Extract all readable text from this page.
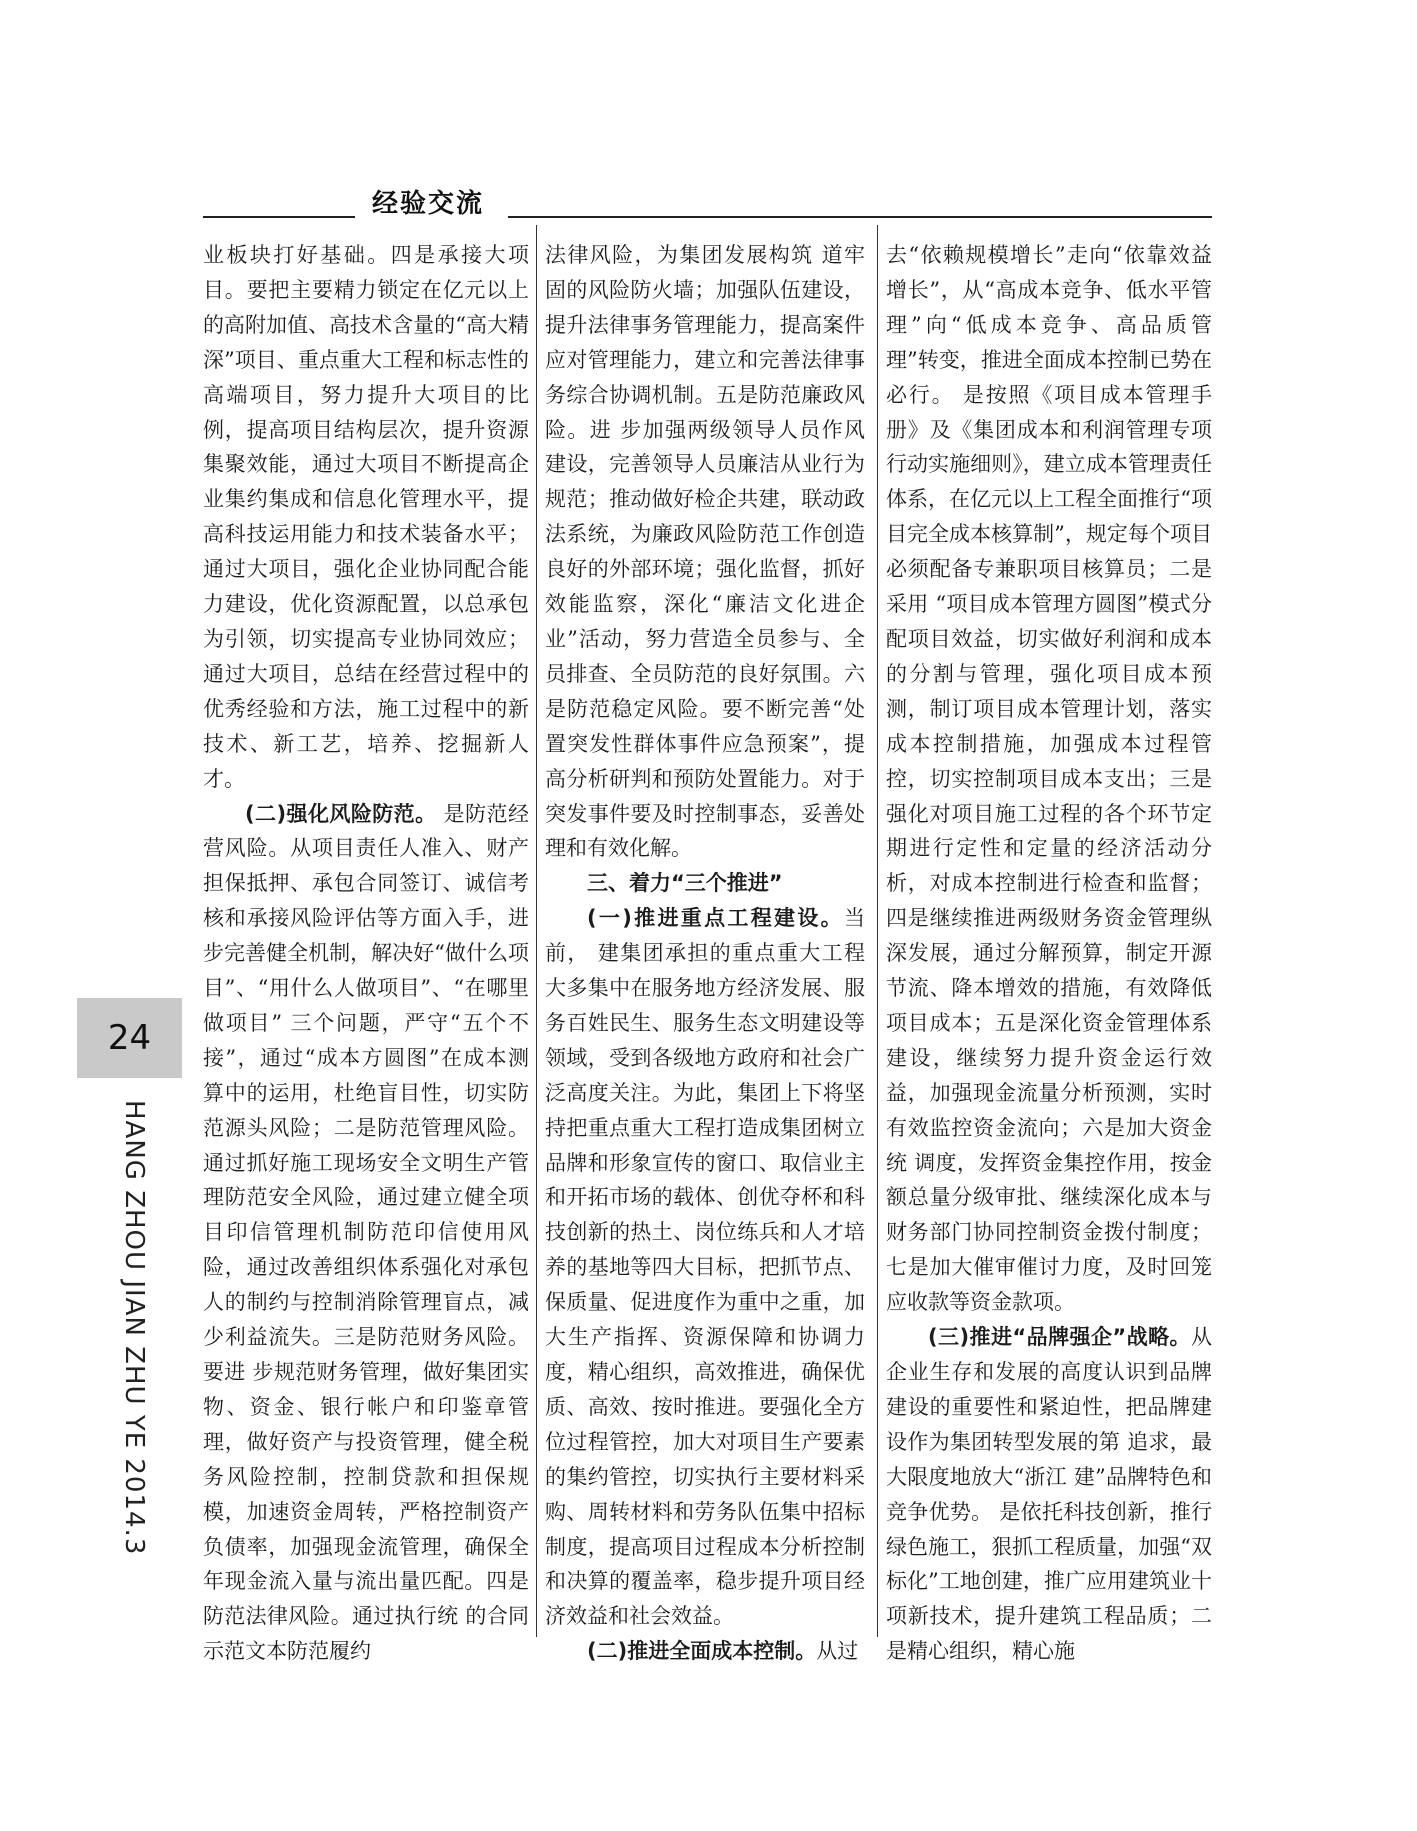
经验交流

业板块打好基础。四是承接大项目。要把主要精力锁定在亿元以上的高附加值、高技术含量的“高大精深”项目、重点重大工程和标志性的高端项目，努力提升大项目的比例，提高项目结构层次，提升资源集聚效能，通过大项目不断提高企业集约集成和信息化管理水平，提高科技运用能力和技术装备水平；通过大项目，强化企业协同配合能力建设，优化资源配置，以总承包为引领，切实提高专业协同效应；通过大项目，总结在经营过程中的优秀经验和方法，施工过程中的新技术、新工艺，培养、挖掘新人才。

(二)强化风险防范。 是防范经营风险。从项目责任人准入、财产担保抵押、承包合同签订、诚信考核和承接风险评估等方面入手，进 步完善健全机制，解决好“做什么项目”、“用什么人做项目”、“在哪里做项目” 三个问题，严守“五个不接”，通过“成本方圆图”在成本测算中的运用，杜绝盲目性，切实防范源头风险；二是防范管理风险。通过抓好施工现场安全文明生产管理防范安全风险，通过建立健全项目印信管理机制防范印信使用风险，通过改善组织体系强化对承包人的制约与控制消除管理盲点，减少利益流失。三是防范财务风险。要进 步规范财务管理，做好集团实物、资金、银行帐户和印鉴章管理，做好资产与投资管理，健全税务风险控制，控制贷款和担保规模，加速资金周转，严格控制资产负债率，加强现金流管理，确保全年现金流入量与流出量匹配。四是防范法律风险。通过执行统 的合同示范文本防范履约

法律风险，为集团发展构筑 道牢固的风险防火墙；加强队伍建设，提升法律事务管理能力，提高案件应对管理能力，建立和完善法律事务综合协调机制。五是防范廉政风险。进 步加强两级领导人员作风建设，完善领导人员廉洁从业行为规范；推动做好检企共建，联动政法系统，为廉政风险防范工作创造良好的外部环境；强化监督，抓好效能监察，深化“廉洁文化进企业”活动，努力营造全员参与、全员排查、全员防范的良好氛围。六是防范稳定风险。要不断完善“处置突发性群体事件应急预案”，提高分析研判和预防处置能力。对于突发事件要及时控制事态，妥善处理和有效化解。

三、着力“三个推进”

(一)推进重点工程建设。当前， 建集团承担的重点重大工程大多集中在服务地方经济发展、服务百姓民生、服务生态文明建设等领域，受到各级地方政府和社会广泛高度关注。为此，集团上下将坚持把重点重大工程打造成集团树立品牌和形象宣传的窗口、取信业主和开拓市场的载体、创优夺杯和科技创新的热土、岗位练兵和人才培养的基地等四大目标，把抓节点、保质量、促进度作为重中之重，加大生产指挥、资源保障和协调力度，精心组织，高效推进，确保优质、高效、按时推进。要强化全方位过程管控，加大对项目生产要素的集约管控，切实执行主要材料采购、周转材料和劳务队伍集中招标制度，提高项目过程成本分析控制和决算的覆盖率，稳步提升项目经济效益和社会效益。

(二)推进全面成本控制。从过

去“依赖规模增长”走向“依靠效益增长”，从“高成本竞争、低水平管理”向“低成本竞争、高品质管理”转变，推进全面成本控制已势在必行。 是按照《项目成本管理手册》及《集团成本和利润管理专项行动实施细则》，建立成本管理责任体系，在亿元以上工程全面推行“项目完全成本核算制”，规定每个项目必须配备专兼职项目核算员；二是采用 “项目成本管理方圆图”模式分配项目效益，切实做好利润和成本的分割与管理，强化项目成本预测，制订项目成本管理计划，落实成本控制措施，加强成本过程管控，切实控制项目成本支出；三是强化对项目施工过程的各个环节定期进行定性和定量的经济活动分析，对成本控制进行检查和监督；四是继续推进两级财务资金管理纵深发展，通过分解预算，制定开源节流、降本增效的措施，有效降低项目成本；五是深化资金管理体系建设，继续努力提升资金运行效益，加强现金流量分析预测，实时有效监控资金流向；六是加大资金统 调度，发挥资金集控作用，按金额总量分级审批、继续深化成本与财务部门协同控制资金拨付制度；七是加大催审催讨力度，及时回笼应收款等资金款项。

(三)推进“品牌强企”战略。从企业生存和发展的高度认识到品牌建设的重要性和紧迫性，把品牌建设作为集团转型发展的第 追求，最大限度地放大“浙江 建”品牌特色和竞争优势。 是依托科技创新，推行绿色施工，狠抓工程质量，加强“双标化”工地创建，推广应用建筑业十项新技术，提升建筑工程品质；二是精心组织，精心施

24
HANG ZHOU JIAN ZHU YE 2014.3
